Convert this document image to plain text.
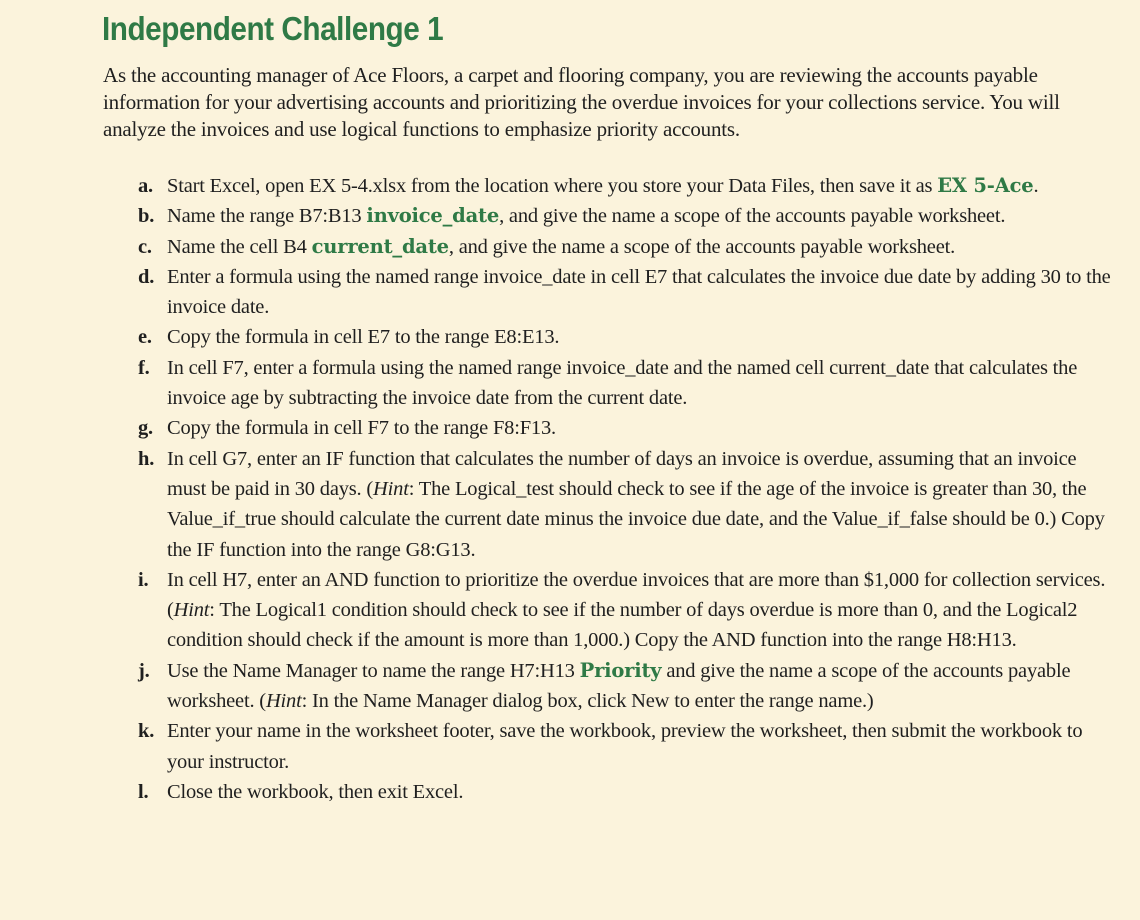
Independent Challenge 1

As the accounting manager of Ace Floors, a carpet and flooring company, you are reviewing the accounts payable information for your advertising accounts and prioritizing the overdue invoices for your collections service. You will analyze the invoices and use logical functions to emphasize priority accounts.

a. Start Excel, open EX 5-4.xlsx from the location where you store your Data Files, then save it as EX 5-Ace.
b. Name the range B7:B13 invoice_date, and give the name a scope of the accounts payable worksheet.
c. Name the cell B4 current_date, and give the name a scope of the accounts payable worksheet.
d. Enter a formula using the named range invoice_date in cell E7 that calculates the invoice due date by adding 30 to the invoice date.
e. Copy the formula in cell E7 to the range E8:E13.
f. In cell F7, enter a formula using the named range invoice_date and the named cell current_date that calculates the invoice age by subtracting the invoice date from the current date.
g. Copy the formula in cell F7 to the range F8:F13.
h. In cell G7, enter an IF function that calculates the number of days an invoice is overdue, assuming that an invoice must be paid in 30 days. (Hint: The Logical_test should check to see if the age of the invoice is greater than 30, the Value_if_true should calculate the current date minus the invoice due date, and the Value_if_false should be 0.) Copy the IF function into the range G8:G13.
i. In cell H7, enter an AND function to prioritize the overdue invoices that are more than $1,000 for collection services. (Hint: The Logical1 condition should check to see if the number of days overdue is more than 0, and the Logical2 condition should check if the amount is more than 1,000.) Copy the AND function into the range H8:H13.
j. Use the Name Manager to name the range H7:H13 Priority and give the name a scope of the accounts payable worksheet. (Hint: In the Name Manager dialog box, click New to enter the range name.)
k. Enter your name in the worksheet footer, save the workbook, preview the worksheet, then submit the workbook to your instructor.
l. Close the workbook, then exit Excel.
